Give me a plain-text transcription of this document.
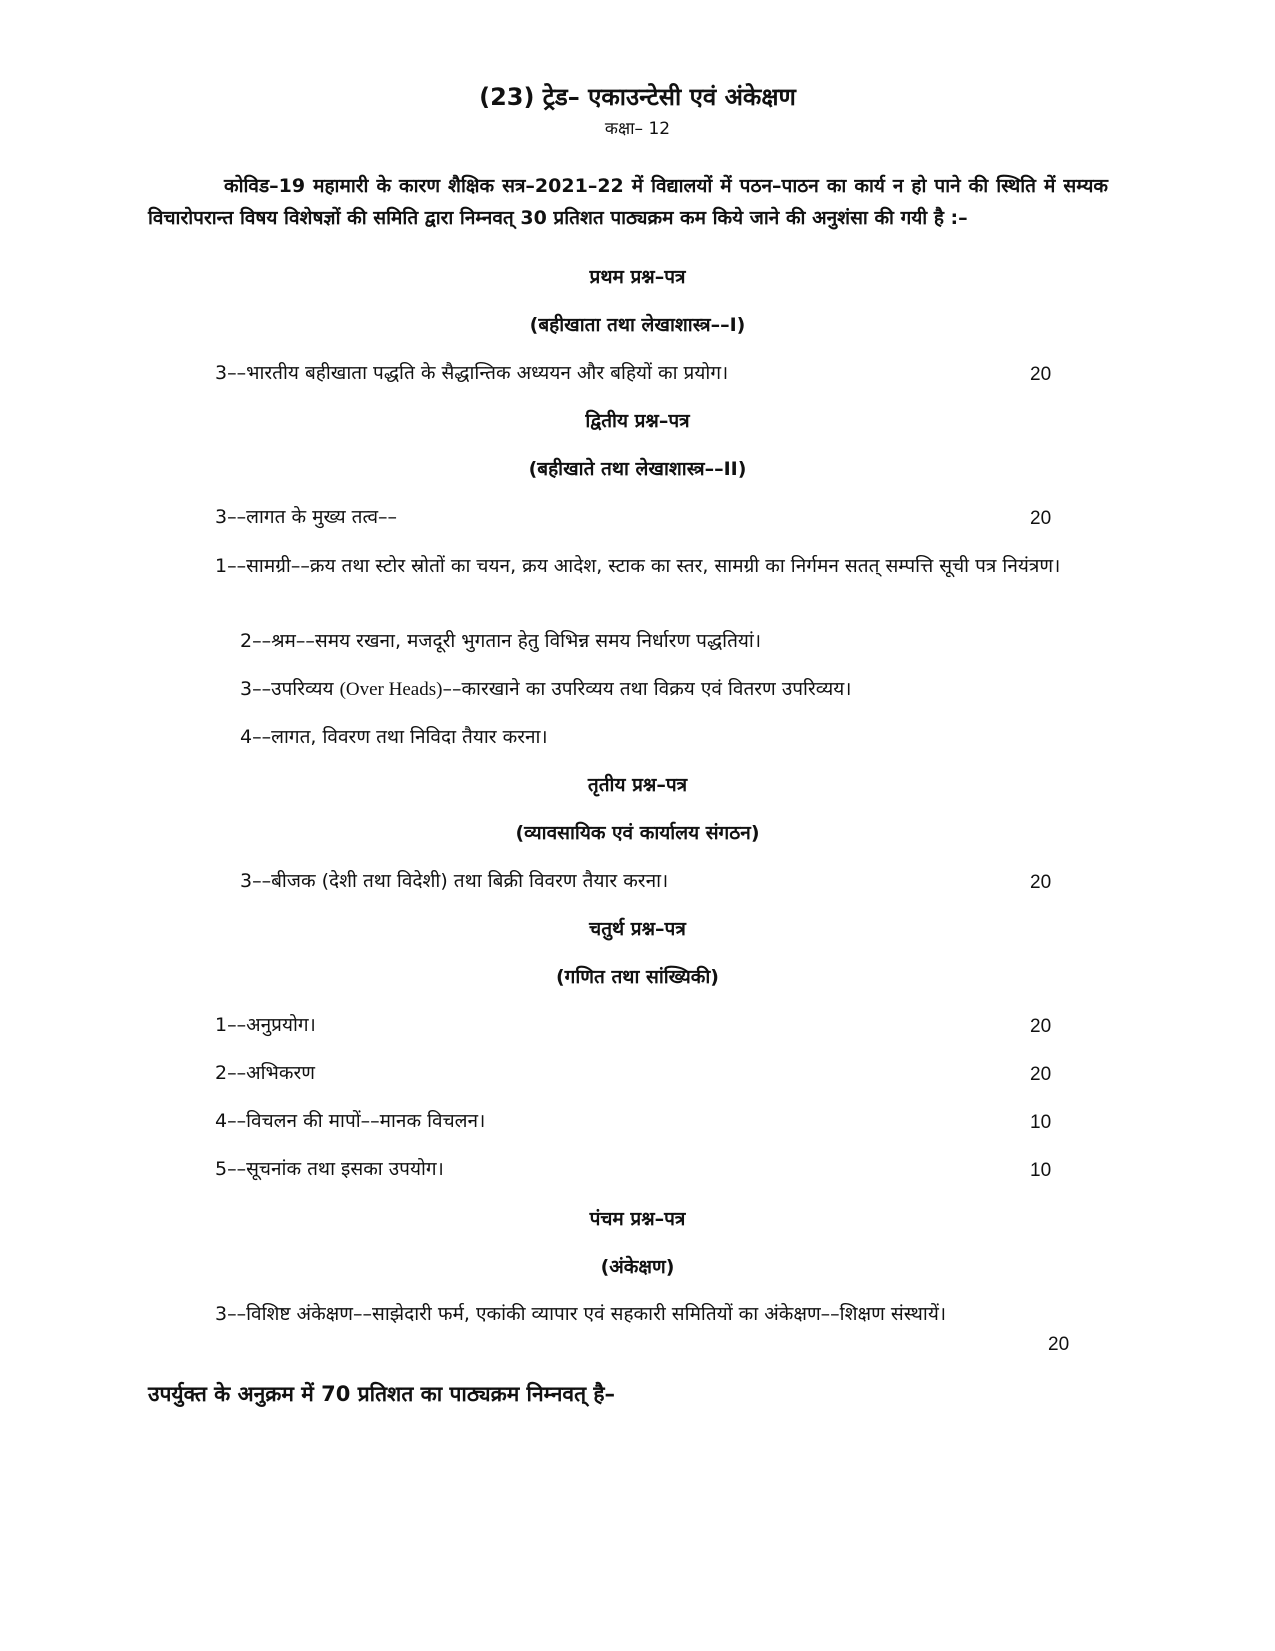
(23) ट्रेड– एकाउन्टेसी एवं अंकेक्षण
कक्षा– 12
कोविड–19 महामारी के कारण शैक्षिक सत्र–2021–22 में विद्यालयों में पठन–पाठन का कार्य न हो पाने की स्थिति में सम्यक विचारोपरान्त विषय विशेषज्ञों की समिति द्वारा निम्नवत् 30 प्रतिशत पाठ्यक्रम कम किये जाने की अनुशंसा की गयी है :–
प्रथम प्रश्न–पत्र
(बहीखाता तथा लेखाशास्त्र––I)
3––भारतीय बहीखाता पद्धति के सैद्धान्तिक अध्ययन और बहियों का प्रयोग।	20
द्वितीय प्रश्न–पत्र
(बहीखाते तथा लेखाशास्त्र––II)
3––लागत के मुख्य तत्व––	20
1––सामग्री––क्रय तथा स्टोर स्रोतों का चयन, क्रय आदेश, स्टाक का स्तर, सामग्री का निर्गमन सतत् सम्पत्ति सूची पत्र नियंत्रण।
2––श्रम––समय रखना, मजदूरी भुगतान हेतु विभिन्न समय निर्धारण पद्धतियां।
3––उपरिव्यय (Over Heads)––कारखाने का उपरिव्यय तथा विक्रय एवं वितरण उपरिव्यय।
4––लागत, विवरण तथा निविदा तैयार करना।
तृतीय प्रश्न–पत्र
(व्यावसायिक एवं कार्यालय संगठन)
3––बीजक (देशी तथा विदेशी) तथा बिक्री विवरण तैयार करना।	20
चतुर्थ प्रश्न–पत्र
(गणित तथा सांख्यिकी)
1––अनुप्रयोग।	20
2––अभिकरण	20
4––विचलन की मापों––मानक विचलन।	10
5––सूचनांक तथा इसका उपयोग।	10
पंचम प्रश्न–पत्र
(अंकेक्षण)
3––विशिष्ट अंकेक्षण––साझेदारी फर्म, एकांकी व्यापार एवं सहकारी समितियों का अंकेक्षण––शिक्षण संस्थायें।
20
उपर्युक्त के अनुक्रम में 70 प्रतिशत का पाठ्यक्रम निम्नवत् है–
